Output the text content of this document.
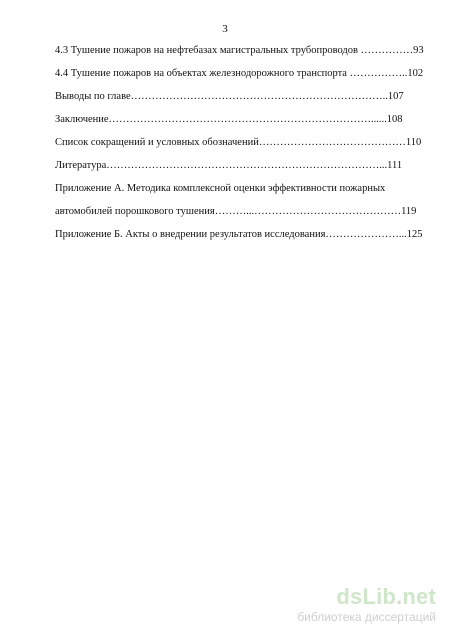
3
4.3 Тушение пожаров на нефтебазах магистральных трубопроводов ……………93
4.4 Тушение пожаров на объектах железнодорожного транспорта ……………..102
Выводы по главе………………………………………………………………..107
Заключение…………………………………………………………………......108
Список сокращений и условных обозначений……………………………………110
Литература……………………………………………………………………...111
Приложение А. Методика комплексной оценки эффективности пожарных
автомобилей порошкового тушения………...……………………………………119
Приложение Б. Акты о внедрении результатов исследования…………………...125
dsLib.net
библиотека диссертаций
